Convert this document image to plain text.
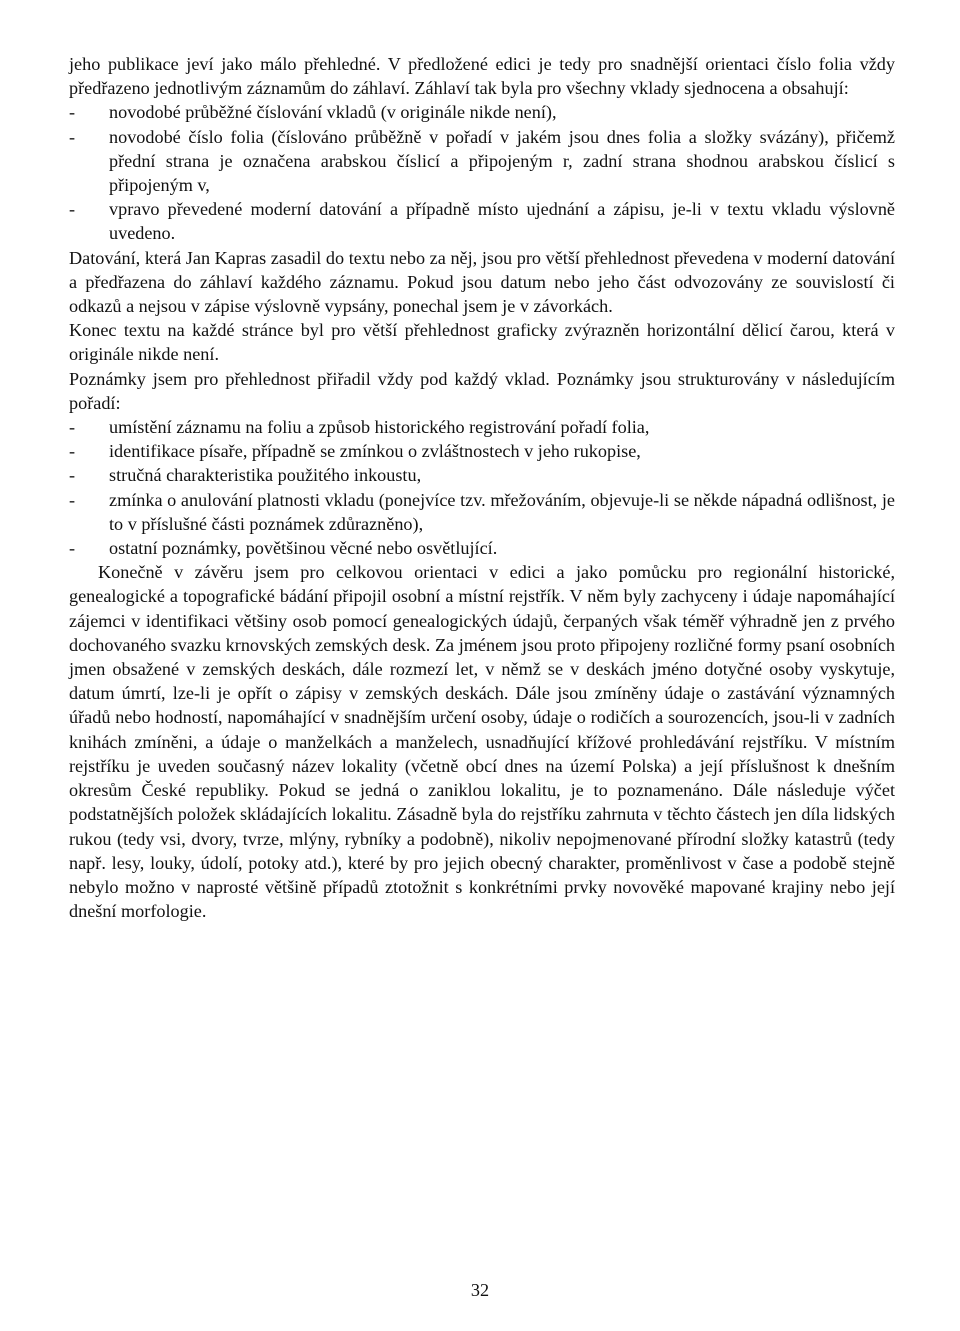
jeho publikace jeví jako málo přehledné. V předložené edici je tedy pro snadnější orientaci číslo folia vždy předřazeno jednotlivým záznamům do záhlaví. Záhlaví tak byla pro všechny vklady sjednocena a obsahují:

- novodobé průběžné číslování vkladů (v originále nikde není),
- novodobé číslo folia (číslováno průběžně v pořadí v jakém jsou dnes folia a složky svázány), přičemž přední strana je označena arabskou číslicí a připojeným r, zadní strana shodnou arabskou číslicí s připojeným v,
- vpravo převedené moderní datování a případně místo ujednání a zápisu, je-li v textu vkladu výslovně uvedeno.

Datování, která Jan Kapras zasadil do textu nebo za něj, jsou pro větší přehlednost převedena v moderní datování a předřazena do záhlaví každého záznamu. Pokud jsou datum nebo jeho část odvozovány ze souvislostí či odkazů a nejsou v zápise výslovně vypsány, ponechal jsem je v závorkách.

Konec textu na každé stránce byl pro větší přehlednost graficky zvýrazněn horizontální dělicí čarou, která v originále nikde není.

Poznámky jsem pro přehlednost přiřadil vždy pod každý vklad. Poznámky jsou strukturovány v následujícím pořadí:

- umístění záznamu na foliu a způsob historického registrování pořadí folia,
- identifikace písaře, případně se zmínkou o zvláštnostech v jeho rukopise,
- stručná charakteristika použitého inkoustu,
- zmínka o anulování platnosti vkladu (ponejvíce tzv. mřežováním, objevuje-li se někde nápadná odlišnost, je to v příslušné části poznámek zdůrazněno),
- ostatní poznámky, povětšinou věcné nebo osvětlující.

Konečně v závěru jsem pro celkovou orientaci v edici a jako pomůcku pro regionální historické, genealogické a topografické bádání připojil osobní a místní rejstřík. V něm byly zachyceny i údaje napomáhající zájemci v identifikaci většiny osob pomocí genealogických údajů, čerpaných však téměř výhradně jen z prvého dochovaného svazku krnovských zemských desk. Za jménem jsou proto připojeny rozličné formy psaní osobních jmen obsažené v zemských deskách, dále rozmezí let, v němž se v deskách jméno dotyčné osoby vyskytuje, datum úmrtí, lze-li je opřít o zápisy v zemských deskách. Dále jsou zmíněny údaje o zastávání významných úřadů nebo hodností, napomáhající v snadnějším určení osoby, údaje o rodičích a sourozencích, jsou-li v zadních knihách zmíněni, a údaje o manželkách a manželech, usnadňující křížové prohledávání rejstříku. V místním rejstříku je uveden současný název lokality (včetně obcí dnes na území Polska) a její příslušnost k dnešním okresům České republiky. Pokud se jedná o zaniklou lokalitu, je to poznamenáno. Dále následuje výčet podstatnějších položek skládajících lokalitu. Zásadně byla do rejstříku zahrnuta v těchto částech jen díla lidských rukou (tedy vsi, dvory, tvrze, mlýny, rybníky a podobně), nikoliv nepojmenované přírodní složky katastrů (tedy např. lesy, louky, údolí, potoky atd.), které by pro jejich obecný charakter, proměnlivost v čase a podobě stejně nebylo možno v naprosté většině případů ztotožnit s konkrétními prvky novověké mapované krajiny nebo její dnešní morfologie.

32
